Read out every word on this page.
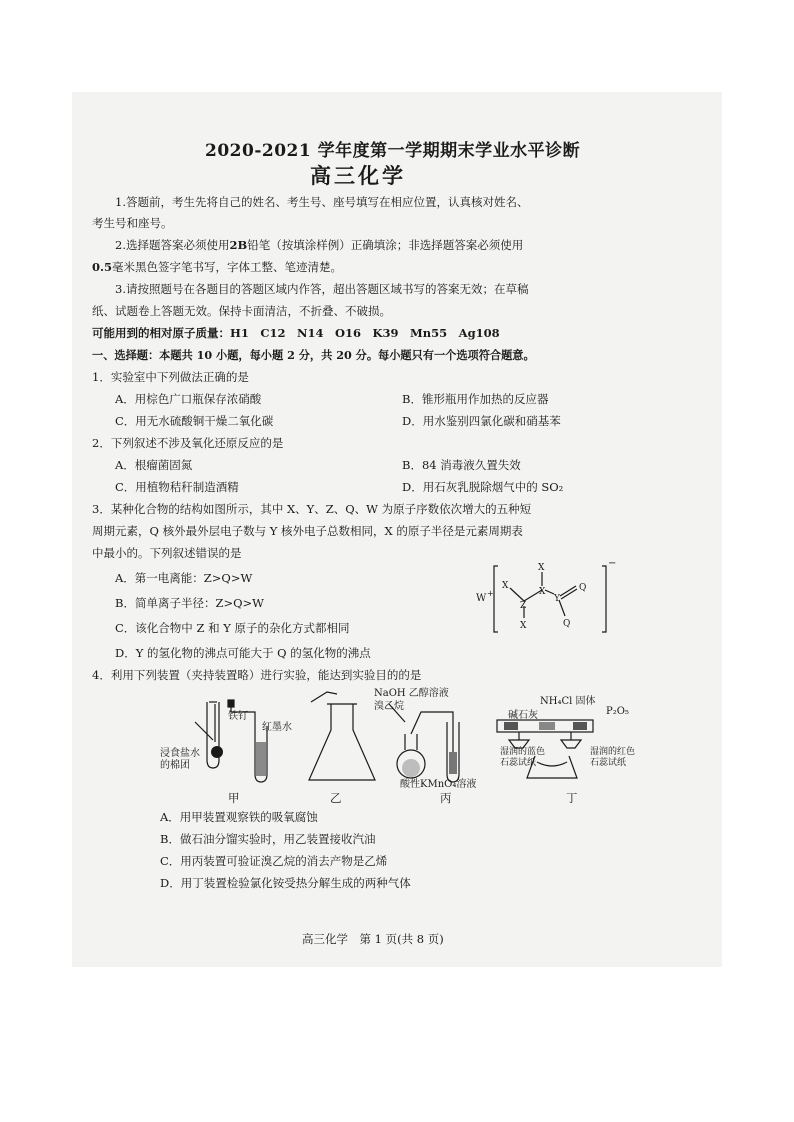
2020-2021 学年度第一学期期末学业水平诊断
高三化学
1.答题前，考生先将自己的姓名、考生号、座号填写在相应位置，认真核对姓名、
考生号和座号。
2.选择题答案必须使用2B铅笔（按填涂样例）正确填涂；非选择题答案必须使用
0.5毫米黑色签字笔书写，字体工整、笔迹清楚。
3.请按照题号在各题目的答题区域内作答，超出答题区域书写的答案无效；在草稿
纸、试题卷上答题无效。保持卡面清洁，不折叠、不破损。
可能用到的相对原子质量：H1　C12　N14　O16　K39　Mn55　Ag108
一、选择题：本题共 10 小题，每小题 2 分，共 20 分。每小题只有一个选项符合题意。
1．实验室中下列做法正确的是
A．用棕色广口瓶保存浓硝酸	B．锥形瓶用作加热的反应器
C．用无水硫酸铜干燥二氧化碳	D．用水鉴别四氯化碳和硝基苯
2．下列叙述不涉及氧化还原反应的是
A．根瘤菌固氮	B．84 消毒液久置失效
C．用植物秸秆制造酒精	D．用石灰乳脱除烟气中的 SO₂
3．某种化合物的结构如图所示，其中 X、Y、Z、Q、W 为原子序数依次增大的五种短
周期元素，Q 核外最外层电子数与 Y 核外电子总数相同，X 的原子半径是元素周期表
中最小的。下列叙述错误的是
A．第一电离能：Z>Q>W
B．简单离子半径：Z>Q>W
C．该化合物中 Z 和 Y 原子的杂化方式都相同
D．Y 的氢化物的沸点可能大于 Q 的氢化物的沸点
W +
X
X
X
Z
Y
X
Q
Q
−
4．利用下列装置（夹持装置略）进行实验，能达到实验目的的是
铁钉
红墨水
浸食盐水
的棉团
NaOH 乙醇溶液
溴乙烷
酸性KMnO₄溶液
NH₄Cl 固体
碱石灰	P₂O₅
湿润的蓝色
石蕊试纸
湿润的红色
石蕊试纸
甲	乙	丙	丁
A．用甲装置观察铁的吸氧腐蚀
B．做石油分馏实验时，用乙装置接收汽油
C．用丙装置可验证溴乙烷的消去产物是乙烯
D．用丁装置检验氯化铵受热分解生成的两种气体
高三化学　第 1 页(共 8 页)
